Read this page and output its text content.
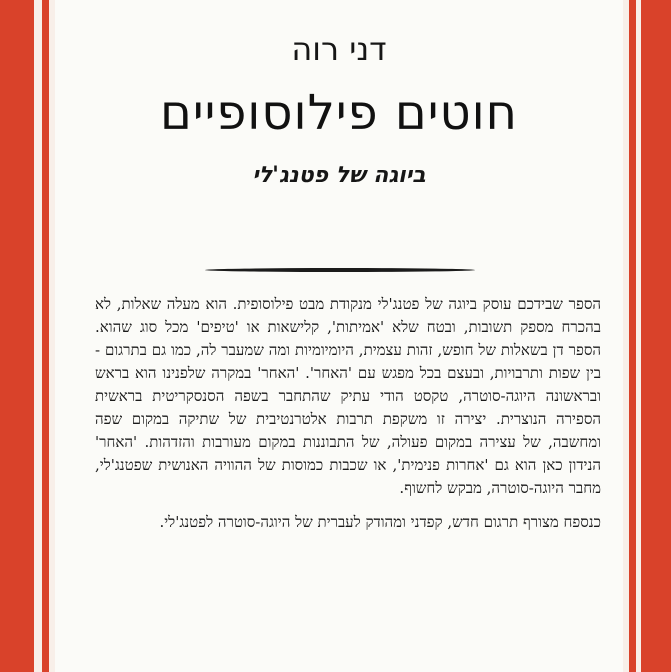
דני רוה
חוטים פילוסופיים
ביוגה של פטנג'לי

הספר שבידכם עוסק ביוגה של פטנג'לי מנקודת מבט פילוסופית. הוא מעלה שאלות, לא בהכרח מספק תשובות, ובטח שלא 'אמיתות', קלישאות או 'טיפים' מכל סוג שהוא. הספר דן בשאלות של חופש, זהות עצמית, היומיומיות ומה שמעבר לה, כמו גם בתרגום - בין שפות ותרבויות, ובעצם בכל מפגש עם 'האחר'. 'האחר' במקרה שלפנינו הוא בראש ובראשונה היוגה-סוטרה, טקסט הודי עתיק שהתחבר בשפה הסנסקריטית בראשית הספירה הנוצרית. יצירה זו משקפת תרבות אלטרנטיבית של שתיקה במקום שפה ומחשבה, של עצירה במקום פעולה, של התבוננות במקום מעורבות והזדהות. 'האחר' הנידון כאן הוא גם 'אחרות פנימית', או שכבות כמוסות של ההוויה האנושית שפטנג'לי, מחבר היוגה-סוטרה, מבקש לחשוף.

כנספח מצורף תרגום חדש, קפדני ומהודק לעברית של היוגה-סוטרה לפטנג'לי.
